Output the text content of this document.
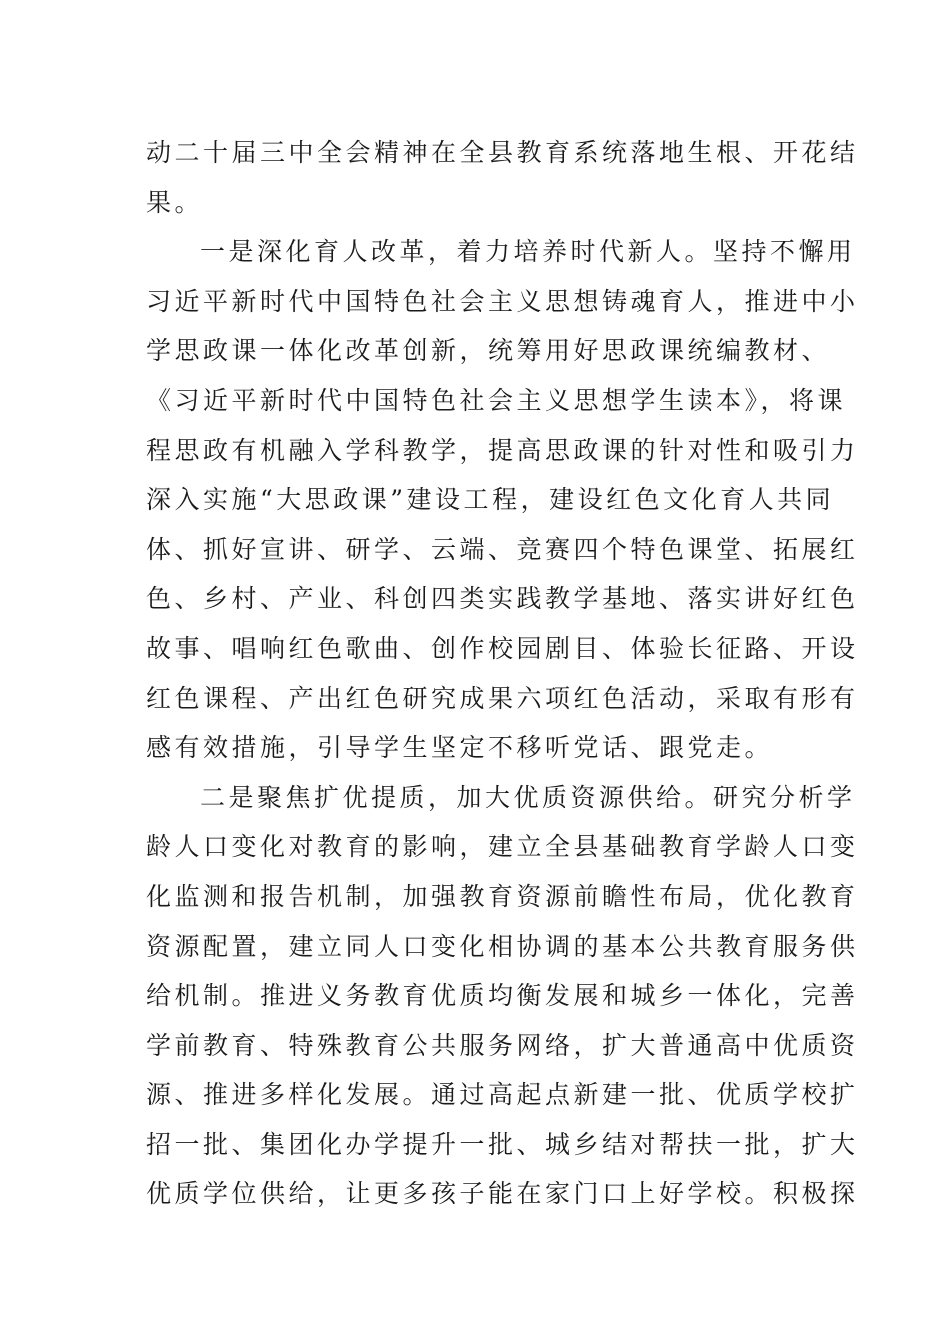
动二十届三中全会精神在全县教育系统落地生根、开花结
果。
一是深化育人改革，着力培养时代新人。坚持不懈用
习近平新时代中国特色社会主义思想铸魂育人，推进中小
学思政课一体化改革创新，统筹用好思政课统编教材、
《习近平新时代中国特色社会主义思想学生读本》，将课
程思政有机融入学科教学，提高思政课的针对性和吸引力
深入实施“大思政课”建设工程，建设红色文化育人共同
体、抓好宣讲、研学、云端、竞赛四个特色课堂、拓展红
色、乡村、产业、科创四类实践教学基地、落实讲好红色
故事、唱响红色歌曲、创作校园剧目、体验长征路、开设
红色课程、产出红色研究成果六项红色活动，采取有形有
感有效措施，引导学生坚定不移听党话、跟党走。
二是聚焦扩优提质，加大优质资源供给。研究分析学
龄人口变化对教育的影响，建立全县基础教育学龄人口变
化监测和报告机制，加强教育资源前瞻性布局，优化教育
资源配置，建立同人口变化相协调的基本公共教育服务供
给机制。推进义务教育优质均衡发展和城乡一体化，完善
学前教育、特殊教育公共服务网络，扩大普通高中优质资
源、推进多样化发展。通过高起点新建一批、优质学校扩
招一批、集团化办学提升一批、城乡结对帮扶一批，扩大
优质学位供给，让更多孩子能在家门口上好学校。积极探
